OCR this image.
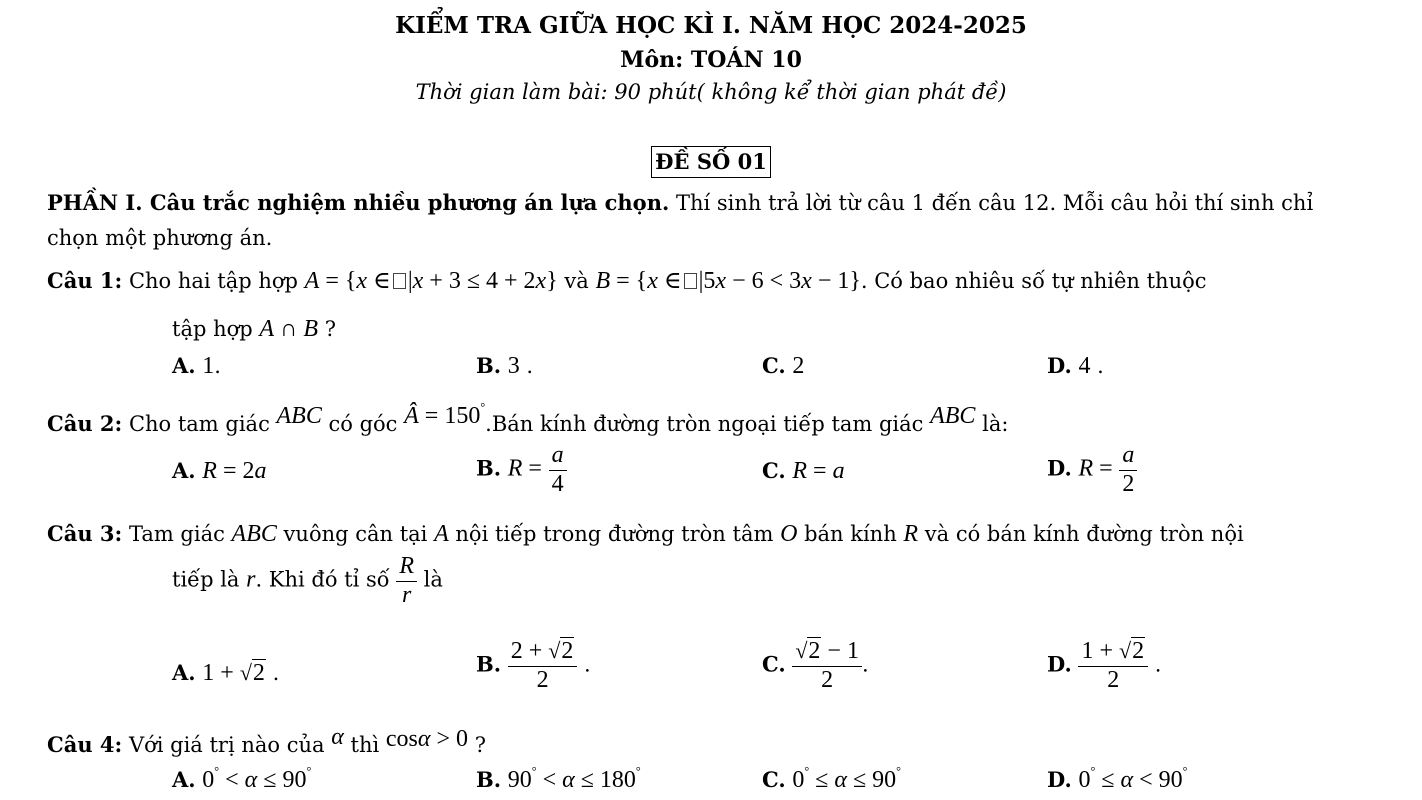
KIỂM TRA GIỮA HỌC KÌ I. NĂM HỌC 2024-2025
Môn: TOÁN 10
Thời gian làm bài: 90 phút( không kể thời gian phát đề)
ĐỀ SỐ 01
PHẦN I. Câu trắc nghiệm nhiều phương án lựa chọn. Thí sinh trả lời từ câu 1 đến câu 12. Mỗi câu hỏi thí sinh chỉ
chọn một phương án.
Câu 1: Cho hai tập hợp A = {x ∈ |x + 3 ≤ 4 + 2x} và B = {x ∈ |5x − 6 < 3x − 1}. Có bao nhiêu số tự nhiên thuộc
tập hợp A ∩ B ?
A. 1.	B. 3 .	C. 2	D. 4 .
Câu 2: Cho tam giác ABC có góc Â = 150°.Bán kính đường tròn ngoại tiếp tam giác ABC là:
A. R = 2a	B. $R = \frac{a}{4}$	C. R = a	D. $R = \frac{a}{2}$
Câu 3: Tam giác ABC vuông cân tại A nội tiếp trong đường tròn tâm O bán kính R và có bán kính đường tròn nội
tiếp là r. Khi đó tỉ số $\frac{R}{r}$ là
A. 1 + √2 .	B. $\frac{2 + √2}{2}$ .	C. $\frac{√2 - 1}{2}$ .	D. $\frac{1 + √2}{2}$ .
Câu 4: Với giá trị nào của α thì cosα > 0 ?
A. 0° < α ≤ 90°	B. 90° < α ≤ 180°	C. 0° ≤ α ≤ 90°	D. 0° ≤ α < 90°
